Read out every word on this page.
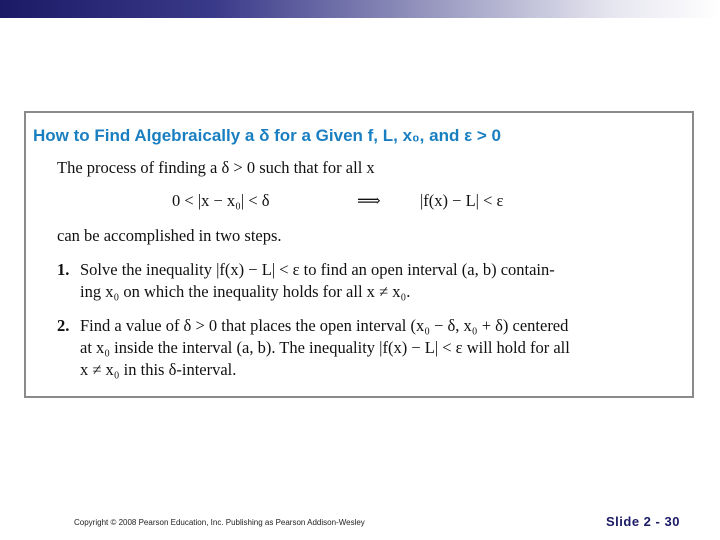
How to Find Algebraically a δ for a Given f, L, x₀, and ε > 0
The process of finding a δ > 0 such that for all x
0 < |x − x₀| < δ	⟹ |f(x) − L| < ε
can be accomplished in two steps.
1. Solve the inequality |f(x) − L| < ε to find an open interval (a, b) contain-
ing x₀ on which the inequality holds for all x ≠ x₀.
2. Find a value of δ > 0 that places the open interval (x₀ − δ, x₀ + δ) centered
at x₀ inside the interval (a, b). The inequality |f(x) − L| < ε will hold for all
x ≠ x₀ in this δ-interval.
Copyright © 2008 Pearson Education, Inc. Publishing as Pearson Addison-Wesley	Slide 2 - 30
